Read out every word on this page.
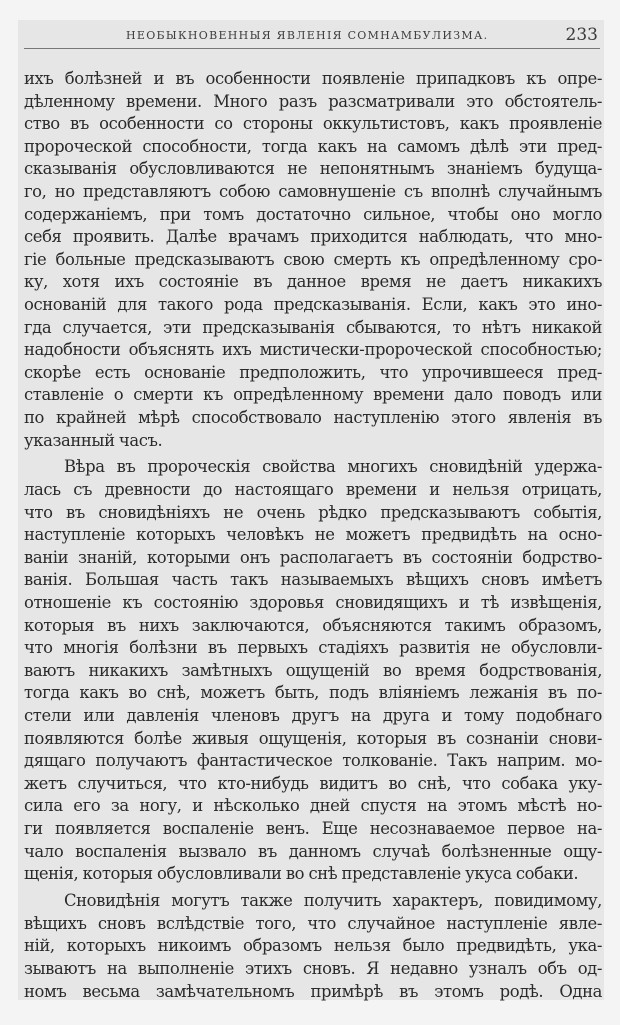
НЕОБЫКНОВЕННЫЯ ЯВЛЕНІЯ СОМНАМБУЛИЗМА.	233
ихъ болѣзней и въ особенности появленіе припадковъ къ опре-
дѣленному времени. Много разъ разсматривали это обстоятель-
ство въ особенности со стороны оккультистовъ, какъ проявленіе
пророческой способности, тогда какъ на самомъ дѣлѣ эти пред-
сказыванія обусловливаются не непонятнымъ знаніемъ будуща-
го, но представляютъ собою самовнушеніе съ вполнѣ случайнымъ
содержаніемъ, при томъ достаточно сильное, чтобы оно могло
себя проявить. Далѣе врачамъ приходится наблюдать, что мно-
гіе больные предсказываютъ свою смерть къ опредѣленному сро-
ку, хотя ихъ состояніе въ данное время не даетъ никакихъ
основаній для такого рода предсказыванія. Если, какъ это ино-
гда случается, эти предсказыванія сбываются, то нѣтъ никакой
надобности объяснять ихъ мистически-пророческой способностью;
скорѣе есть основаніе предположить, что упрочившееся пред-
ставленіе о смерти къ опредѣленному времени дало поводъ или
по крайней мѣрѣ способствовало наступленію этого явленія въ
указанный часъ.
Вѣра въ пророческія свойства многихъ сновидѣній удержа-
лась съ древности до настоящаго времени и нельзя отрицать,
что въ сновидѣніяхъ не очень рѣдко предсказываютъ событія,
наступленіе которыхъ человѣкъ не можетъ предвидѣть на осно-
ваніи знаній, которыми онъ располагаетъ въ состояніи бодрство-
ванія. Большая часть такъ называемыхъ вѣщихъ сновъ имѣетъ
отношеніе къ состоянію здоровья сновидящихъ и тѣ извѣщенія,
которыя въ нихъ заключаются, объясняются такимъ образомъ,
что многія болѣзни въ первыхъ стадіяхъ развитія не обусловли-
ваютъ никакихъ замѣтныхъ ощущеній во время бодрствованія,
тогда какъ во снѣ, можетъ быть, подъ вліяніемъ лежанія въ по-
стели или давленія членовъ другъ на друга и тому подобнаго
появляются болѣе живыя ощущенія, которыя въ сознаніи снови-
дящаго получаютъ фантастическое толкованіе. Такъ наприм. мо-
жетъ случиться, что кто-нибудь видитъ во снѣ, что собака уку-
сила его за ногу, и нѣсколько дней спустя на этомъ мѣстѣ но-
ги появляется воспаленіе венъ. Еще несознаваемое первое на-
чало воспаленія вызвало въ данномъ случаѣ болѣзненные ощу-
щенія, которыя обусловливали во снѣ представленіе укуса собаки.
Сновидѣнія могутъ также получить характеръ, повидимому,
вѣщихъ сновъ вслѣдствіе того, что случайное наступленіе явле-
ній, которыхъ никоимъ образомъ нельзя было предвидѣть, ука-
зываютъ на выполненіе этихъ сновъ. Я недавно узналъ объ од-
номъ весьма замѣчательномъ примѣрѣ въ этомъ родѣ. Одна
